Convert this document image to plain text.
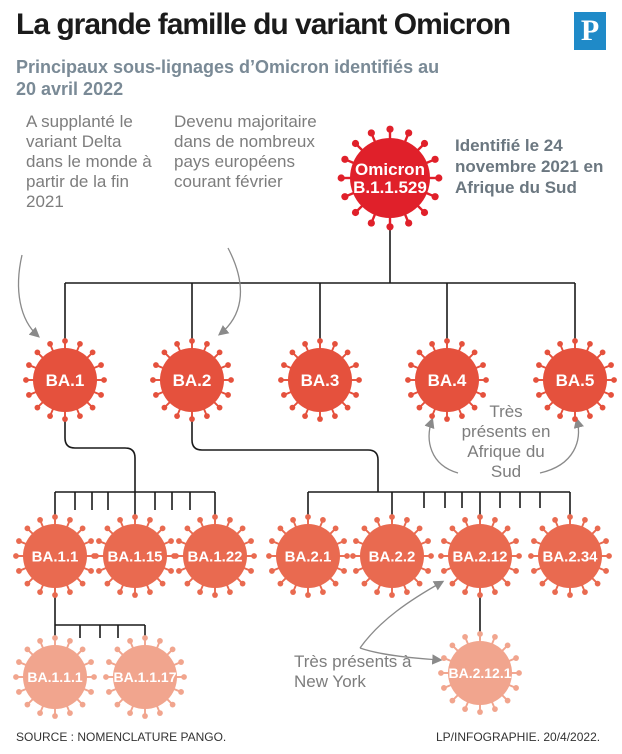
La grande famille du variant Omicron P
Principaux sous-lignages d’Omicron identifiés au 20 avril 2022
A supplanté le variant Delta dans le monde à partir de la fin 2021
Devenu majoritaire dans de nombreux pays européens courant février
Identifié le 24 novembre 2021 en Afrique du Sud
Très présents en Afrique du Sud
Très présents à New York
Omicron
B.1.1.529
BA.1	BA.2	BA.3	BA.4	BA.5
BA.1.1 BA.1.15 BA.1.22	BA.2.1 BA.2.2 BA.2.12 BA.2.34
BA.1.1.1 BA.1.1.17	BA.2.12.1
SOURCE : NOMENCLATURE PANGO.	LP/INFOGRAPHIE. 20/4/2022.
